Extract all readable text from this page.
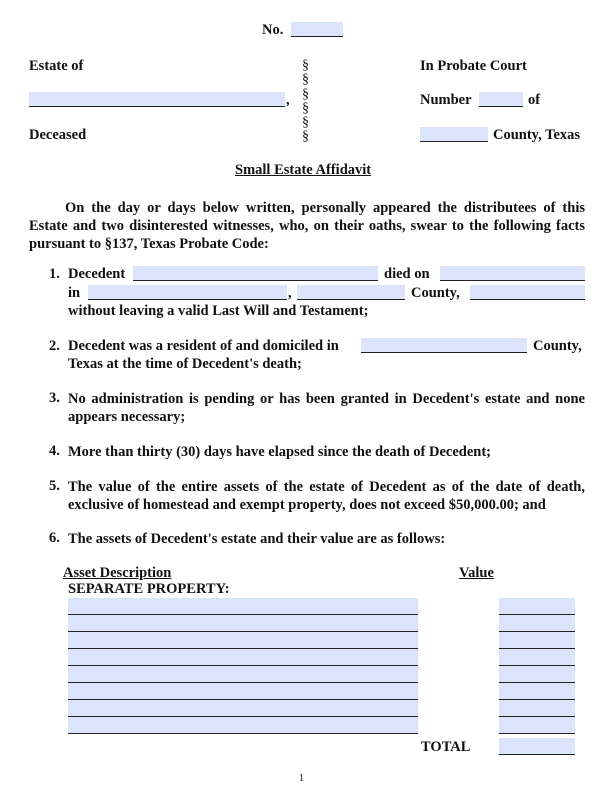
No.
Estate of
,
Deceased
§
§
§
§
§
§
In Probate Court
Number	of
County, Texas
Small Estate Affidavit
On the day or days below written, personally appeared the distributees of this Estate and two disinterested witnesses, who, on their oaths, swear to the following facts pursuant to §137, Texas Probate Code:
1. Decedent	died on
in	,	County,
without leaving a valid Last Will and Testament;
2. Decedent was a resident of and domiciled in	County,
Texas at the time of Decedent's death;
3. No administration is pending or has been granted in Decedent's estate and none appears necessary;
4. More than thirty (30) days have elapsed since the death of Decedent;
5. The value of the entire assets of the estate of Decedent as of the date of death, exclusive of homestead and exempt property, does not exceed $50,000.00; and
6. The assets of Decedent's estate and their value are as follows:
Asset Description	Value
SEPARATE PROPERTY:
TOTAL
1
